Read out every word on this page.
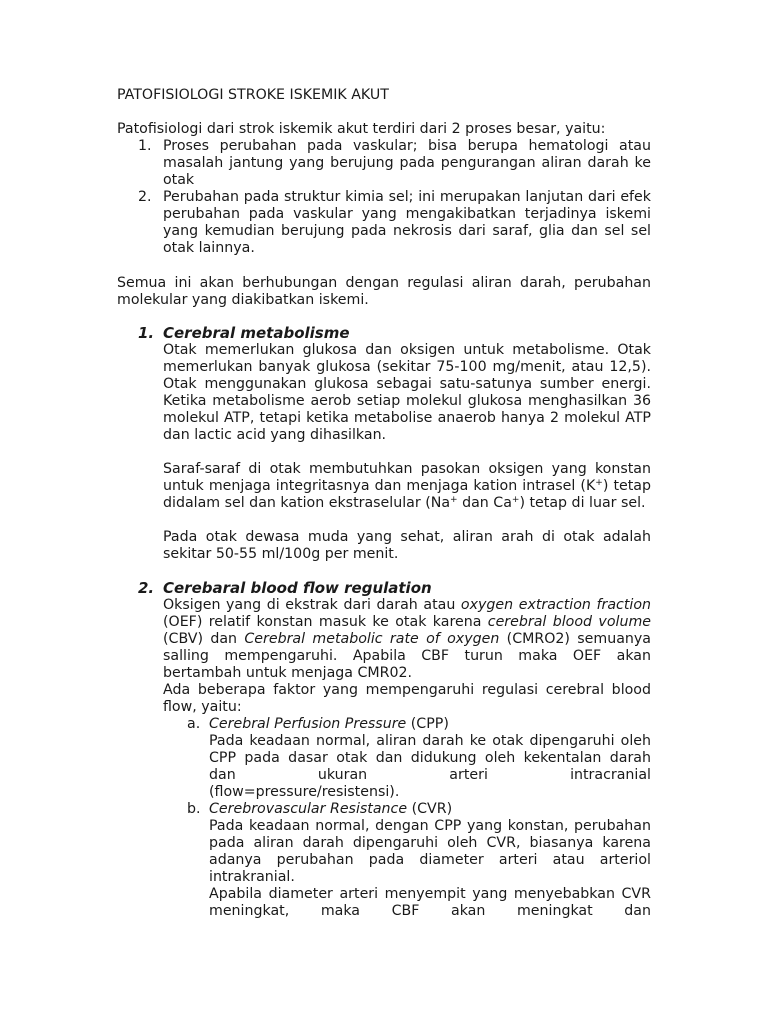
PATOFISIOLOGI STROKE ISKEMIK AKUT

Patofisiologi dari strok iskemik akut terdiri dari 2 proses besar, yaitu:

1. Proses perubahan pada vaskular; bisa berupa hematologi atau masalah jantung yang berujung pada pengurangan aliran darah ke otak

2. Perubahan pada struktur kimia sel; ini merupakan lanjutan dari efek perubahan pada vaskular yang mengakibatkan terjadinya iskemi yang kemudian berujung pada nekrosis dari saraf, glia dan sel sel otak lainnya.

Semua ini akan berhubungan dengan regulasi aliran darah, perubahan molekular yang diakibatkan iskemi.

1. Cerebral metabolisme

Otak memerlukan glukosa dan oksigen untuk metabolisme. Otak memerlukan banyak glukosa (sekitar 75-100 mg/menit, atau 12,5). Otak menggunakan glukosa sebagai satu-satunya sumber energi. Ketika metabolisme aerob setiap molekul glukosa menghasilkan 36 molekul ATP, tetapi ketika metabolise anaerob hanya 2 molekul ATP dan lactic acid yang dihasilkan.

Saraf-saraf di otak membutuhkan pasokan oksigen yang konstan untuk menjaga integritasnya dan menjaga kation intrasel (K+) tetap didalam sel dan kation ekstraselular (Na+ dan Ca+) tetap di luar sel.

Pada otak dewasa muda yang sehat, aliran arah di otak adalah sekitar 50-55 ml/100g per menit.

2. Cerebaral blood flow regulation

Oksigen yang di ekstrak dari darah atau oxygen extraction fraction (OEF) relatif konstan masuk ke otak karena cerebral blood volume (CBV) dan Cerebral metabolic rate of oxygen (CMRO2) semuanya salling mempengaruhi. Apabila CBF turun maka OEF akan bertambah untuk menjaga CMR02.

Ada beberapa faktor yang mempengaruhi regulasi cerebral blood flow, yaitu:

a. Cerebral Perfusion Pressure (CPP)

Pada keadaan normal, aliran darah ke otak dipengaruhi oleh CPP pada dasar otak dan didukung oleh kekentalan darah dan ukuran arteri intracranial

(flow=pressure/resistensi).

b. Cerebrovascular Resistance (CVR)

Pada keadaan normal, dengan CPP yang konstan, perubahan pada aliran darah dipengaruhi oleh CVR, biasanya karena adanya perubahan pada diameter arteri atau arteriol intrakranial.

Apabila diameter arteri menyempit yang menyebabkan CVR meningkat, maka CBF akan meningkat dan
